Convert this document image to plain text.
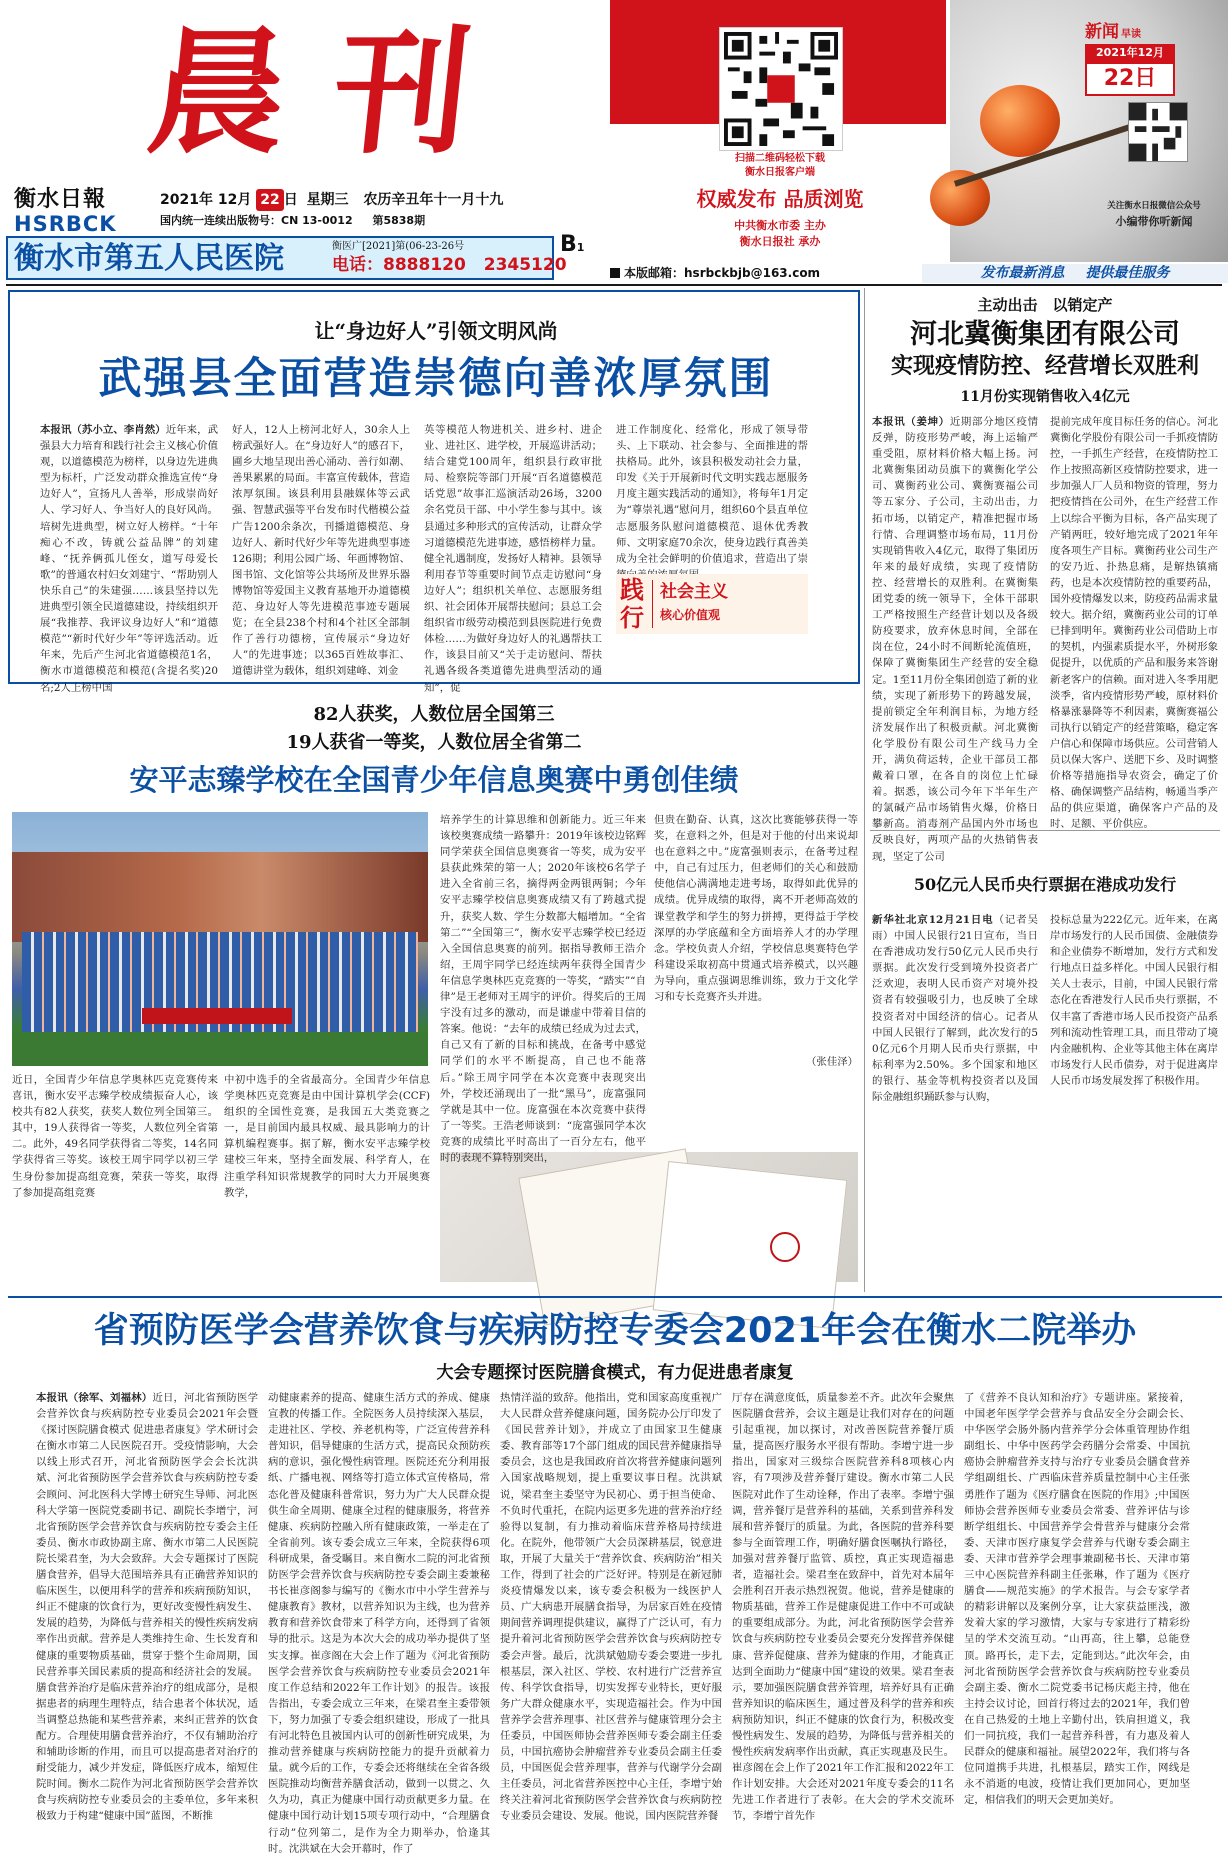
晨刊
衡水日報
HSRBCK
2021年 12月 22 日 星期三 农历辛丑年十一月十九
国内统一连续出版物号：CN 13-0012 第5838期
B1
衡水市第五人民医院	衡医广[2021]第(06-23-26号
电话：8888120 2345120
扫描二维码轻松下载
衡水日报客户端
权威发布 品质浏览
中共衡水市委 主办
衡水日报社 承办
新闻 早读
2021年12月
22日
关注衡水日报微信公众号
小编带你听新闻
本版邮箱：hsrbckbjb@163.com	发布最新消息 提供最佳服务
让“身边好人”引领文明风尚
武强县全面营造崇德向善浓厚氛围
本报讯（苏小立、李肖然）近年来，武强县大力培育和践行社会主义核心价值观，以道德模范为榜样，以身边先进典型为标杆，广泛发动群众推选宣传“身边好人”，宣扬凡人善举，形成崇尚好人、学习好人、争当好人的良好风尚。培树先进典型，树立好人榜样。“十年痴心不改，铸就公益品牌”的刘建峰、“抚养俩孤儿侄女，道写母爱长歌”的普通农村妇女刘建宁、“帮助别人快乐自己”的朱建强……该县坚持以先进典型引领全民道德建设，持续组织开展“我推荐、我评议身边好人”和“道德模范”“新时代好少年”等评选活动。近年来，先后产生河北省道德模范1名，衡水市道德模范和模范(含提名奖)20名;2人上榜中国
好人，12人上榜河北好人，30余人上榜武强好人。在“身边好人”的感召下，圃乡大地呈现出善心涌动、善行如潮、善果累累的局面。丰富宣传载体，营造浓厚氛围。该县利用县融媒体等云武强、智慧武强等平台发布时代楷模公益广告1200余条次，刊播道德模范、身边好人、新时代好少年等先进典型事迹126期；利用公园广场、年画博物馆、图书馆、文化馆等公共场所及世界乐器博物馆等爱国主义教育基地开办道德模范、身边好人等先进模范事迹专题展览；在全县238个村和4个社区全部制作了善行功德榜，宣传展示“身边好人”的先进事迹；以365百姓故事汇、道德讲堂为载体，组织刘建峰、刘金
英等模范人物进机关、进乡村、进企业、进社区、进学校，开展巡讲活动；结合建党100周年，组织县行政审批局、检察院等部门开展“百名道德模范话党恩”故事汇巡演活动26场，3200余名党员干部、中小学生参与其中。该县通过多种形式的宣传活动，让群众学习道德模范先进事迹，感悟榜样力量。健全礼遇制度，发扬好人精神。县领导利用春节等重要时间节点走访慰问“身边好人”；组织机关单位、志愿服务组织、社会团体开展帮扶慰问；县总工会组织省市级劳动模范到县医院进行免费体检……为做好身边好人的礼遇帮扶工作，该县目前又“关于走访慰问、帮扶礼遇各级各类道德先进典型活动的通知”，促
进工作制度化、经常化，形成了领导带头、上下联动、社会参与、全面推进的帮扶格局。此外，该县积极发动社会力量，印发《关于开展新时代文明实践志愿服务月度主题实践活动的通知》，将每年1月定为“尊崇礼遇”慰问月，组织60个县直单位志愿服务队慰问道德模范、退休优秀教师、文明家庭70余次，使身边践行真善美成为全社会鲜明的价值追求，营造出了崇
践
行
社会主义
核心价值观
主动出击　以销定产
河北冀衡集团有限公司
实现疫情防控、经营增长双胜利
11月份实现销售收入4亿元
本报讯（姜坤）近期部分地区疫情反弹，防疫形势严峻，海上运输严重受阻，原材料价格大幅上扬。河北冀衡集团动员旗下的冀衡化学公司、冀衡药业公司、冀衡赛福公司等五家分、子公司，主动出击，力拓市场，以销定产，精准把握市场行情、合理调整市场布局，11月份实现销售收入4亿元，取得了集团历年来的最好成绩，实现了疫情防控、经营增长的双胜利。在冀衡集团党委的统一领导下，全体干部职工严格按照生产经营计划以及各级防疫要求，放弃休息时间，全部在岗在位，24小时不间断轮流值班，保障了冀衡集团生产经营的安全稳定。1至11月份全集团创造了新的业绩，实现了新形势下的跨越发展，提前锁定全年利润目标，为地方经济发展作出了积极贡献。河北冀衡化学股份有限公司生产线马力全开，满负荷运转，企业干部员工都戴着口罩，在各自的岗位上忙碌着。据悉，该公司今年下半年生产的氯碱产品市场销售火爆，价格日攀新高。消毒剂产品国内外市场也反映良好，两项产品的火热销售表现，坚定了公司
提前完成年度目标任务的信心。河北冀衡化学股份有限公司一手抓疫情防控，一手抓生产经营，在疫情防控工作上按照高新区疫情防控要求，进一步加强人厂人员和物资的管理，努力把疫情挡在公司外，在生产经营工作上以综合平衡为目标，各产品实现了产销两旺，较好地完成了2021年年度各项生产目标。冀衡药业公司生产的安乃近、扑热息痛，是解热镇痛药，也是本次疫情防控的重要药品，国外疫情爆发以来，防疫药品需求量较大。据介绍，冀衡药业公司的订单已排到明年。冀衡药业公司借助上市的契机，内强素质提水平，外树形象促提升，以优质的产品和服务来答谢新老客户的信赖。面对进入冬季用肥淡季，省内疫情形势严峻，原材料价格暴涨暴降等不利因素，冀衡赛福公司执行以销定产的经营策略，稳定客户信心和保障市场供应。公司营销人员以保大客户、送肥下乡、及时调整价格等措施指导农资会，确定了价格、确保调整产品结构，畅通当季产品的供应渠道，确保客户产品的及时、足额、平价供应。
82人获奖，人数位居全国第三
19人获省一等奖，人数位居全省第二
安平志臻学校在全国青少年信息奥赛中勇创佳绩
培养学生的计算思维和创新能力。近三年来该校奥赛成绩一路攀升：2019年该校边铭辉同学荣获全国信息奥赛省一等奖，成为安平县获此殊荣的第一人；2020年该校6名学子进入全省前三名，摘得两金两银两铜；今年安平志臻学校信息奥赛成绩又有了跨越式提升，获奖人数、学生分数都大幅增加。“全省第二”“全国第三”，衡水安平志臻学校已经迈入全国信息奥赛的前列。据指导教师王浩介绍，王周宇同学已经连续两年获得全国青少年信息学奥林匹克竞赛的一等奖，“踏实”“自律”是王老师对王周宇的评价。得奖后的王周宇没有过多的激动，而是谦虚中带着目信的答案。他说：“去年的成绩已经成为过去式，自己又有了新的目标和挑战，在备考中感觉同学们的水平不断提高，自己也不能落后。”除王周宇同学在本次竞赛中表现突出外，学校还涌现出了一批“黑马”，庞富强同学就是其中一位。庞富强在本次竞赛中获得了一等奖。王浩老师谈到：“庞富强同学本次竞赛的成绩比平时高出了一百分左右，他平时的表现不算特别突出，
但贵在勤奋、认真，这次比赛能够获得一等奖，在意料之外，但是对于他的付出来说却也在意料之中。”庞富强则表示，在备考过程中，自己有过压力，但老师们的关心和鼓励使他信心满满地走进考场，取得如此优异的成绩。优异成绩的取得，离不开老师高效的课堂教学和学生的努力拼搏，更得益于学校深厚的办学底蕴和全方面培养人才的办学理念。学校负责人介绍，学校信息奥赛特色学科建设采取初高中贯通式培养模式，以兴趣为导向，重点强调思维训练，致力于文化学习和专长竞赛齐头并进。
（张佳泽）
近日，全国青少年信息学奥林匹克竞赛传来喜讯，衡水安平志臻学校成绩振奋人心，该校共有82人获奖，获奖人数位列全国第三。其中，19人获得省一等奖，人数位列全省第二。此外，49名同学获得省二等奖，14名同学获得省三等奖。该校王周宇同学以初三学生身份参加提高组竞赛，荣获一等奖，取得了参加提高组竞赛
中初中选手的全省最高分。全国青少年信息学奥林匹克竞赛是由中国计算机学会(CCF)组织的全国性竞赛，是我国五大类竞赛之一，是目前国内最具权威、最具影响力的计算机编程赛事。据了解，衡水安平志臻学校建校三年来，坚持全面发展、科学育人，在注重学科知识常规教学的同时大力开展奥赛教学，
50亿元人民币央行票据在港成功发行
新华社北京12月21日电（记者吴雨）中国人民银行21日宣布，当日在香港成功发行50亿元人民币央行票据。此次发行受到境外投资者广泛欢迎，表明人民币资产对境外投资者有较强吸引力，也反映了全球投资者对中国经济的信心。记者从中国人民银行了解到，此次发行的50亿元6个月期人民币央行票据，中标利率为2.50%。多个国家和地区的银行、基金等机构投资者以及国际金融组织踊跃参与认购，
投标总量为222亿元。近年来，在离岸市场发行的人民币国债、金融债券和企业债券不断增加，发行方式和发行地点日益多样化。中国人民银行相关人士表示，目前，中国人民银行常态化在香港发行人民币央行票据，不仅丰富了香港市场人民币投资产品系列和流动性管理工具，而且带动了境内金融机构、企业等其他主体在离岸市场发行人民币债券，对于促进离岸人民币市场发展发挥了积极作用。
省预防医学会营养饮食与疾病防控专委会2021年会在衡水二院举办
大会专题探讨医院膳食模式，有力促进患者康复
本报讯（徐军、刘福林）近日，河北省预防医学会营养饮食与疾病防控专业委员会2021年会暨《探讨医院膳食模式 促进患者康复》学术研讨会在衡水市第二人民医院召开。受疫情影响，大会以线上形式召开，河北省预防医学会会长沈洪斌、河北省预防医学会营养饮食与疾病防控专委会顾问、河北医科大学博士研究生导师、河北医科大学第一医院党委副书记、副院长李增宁，河北省预防医学会营养饮食与疾病防控专委会主任委员、衡水市政协副主席、衡水市第二人民医院院长梁君奎，为大会致辞。大会专题探讨了医院膳食营养，倡导大范围培养具有正确营养知识的临床医生，以便用科学的营养和疾病预防知识，纠正不健康的饮食行为，更好改变慢性病发生、发展的趋势，为降低与营养相关的慢性疾病发病率作出贡献。营养是人类维持生命、生长发育和健康的重要物质基础，贯穿于整个生命周期，国民营养事关国民素质的提高和经济社会的发展。膳食营养治疗是临床营养治疗的组成部分，是根据患者的病理生理特点，结合患者个体状况，适当调整总热能和某些营养素，来纠正营养的饮食配方。合理使用膳食营养治疗，不仅有辅助治疗和辅助诊断的作用，而且可以提高患者对治疗的耐受能力，减少并发症，降低医疗成本，缩短住院时间。衡水二院作为河北省预防医学会营养饮食与疾病防控专业委员会的主委单位，多年来积极致力于构建“健康中国”蓝图，不断推
动健康素养的提高、健康生活方式的养成、健康宣教的传播工作。全院医务人员持续深入基层，走进社区、学校、养老机构等，广泛宣传营养科普知识，倡导健康的生活方式，提高民众预防疾病的意识，强化慢性病管理。医院还充分利用报纸、广播电视、网络等打造立体式宣传格局，常态化普及健康科普常识，努力为广大人民群众提供生命全周期、健康全过程的健康服务，将营养健康、疾病防控融入所有健康政策，一举走在了全省前列。该专委会成立三年来，全院获得6项科研成果，备受瞩目。来自衡水二院的河北省预防医学会营养饮食与疾病防控专委会副主委兼秘书长崔彦阁参与编写的《衡水市中小学生营养与健康教育》教材，以营养知识为主线，也为营养教育和营养饮食带来了科学方向，还得到了省领导的批示。这是为本次大会的成功举办提供了坚实支撑。崔彦阁在大会上作了题为《河北省预防医学会营养饮食与疾病防控专业委员会2021年度工作总结和2022年工作计划》的报告。该报告指出，专委会成立三年来，在梁君奎主委带领下，努力加强了专委会组织建设，形成了一批具有河北特色且被国内认可的创新性研究成果，为推动营养健康与疾病防控能力的提升贡献着力量。就今后的工作，专委会还将继续在全省各级医院推动均衡营养膳食活动，做到一以贯之、久久为功，真正为健康中国行动贡献更多力量。在健康中国行动计划15项专项行动中，“合理膳食行动”位列第二，是作为全力期举办，恰逢其时。沈洪斌在大会开幕时，作了
热情洋溢的致辞。他指出，党和国家高度重视广大人民群众营养健康问题，国务院办公厅印发了《国民营养计划》，并成立了由国家卫生健康委、教育部等17个部门组成的国民营养健康指导委员会，这也是我国政府首次将营养健康问题列入国家战略规划，提上重要议事日程。沈洪斌说，梁君奎主委坚守为民初心、勇于担当使命、不负时代重托，在院内运更多先进的营养治疗经验得以复制，有力推动着临床营养格局持续进化。在院外，他带领广大会员深耕基层，锐意进取，开展了大量关于“营养饮食、疾病防治”相关工作，得到了社会的广泛好评。特别是在新冠肺炎疫情爆发以来，该专委会积极为一线医护人员、广大病患开展膳食指导，为居家百姓在疫情期间营养调理提供建议，赢得了广泛认可，有力提升着河北省预防医学会营养饮食与疾病防控专委会声誉。最后，沈洪斌勉励专委会要进一步扎根基层，深入社区、学校、农村进行广泛营养宣传、科学饮食指导，切实发挥专业特长，更好服务广大群众健康水平，实现造福社会。作为中国营养学会营养理事、社区营养与健康管理分会主任委员，中国医师协会营养医师专委会副主任委员，中国抗癌协会肿瘤营养专业委员会副主任委员，中国医促会营养理事，营养与代谢学分会副主任委员，河北省营养医控中心主任，李增宁始终关注着河北省预防医学会营养饮食与疾病防控专业委员会建设、发展。他说，国内医院营养餐
厅存在满意度低，质量参差不齐。此次年会聚焦医院膳食营养，会议主题是让我们对存在的问题引起重视，加以探讨，对改善医院营养餐厅质量，提高医疗服务水平很有帮助。李增宁进一步指出，国家对三级综合医院营养科8项核心内容，有7项涉及营养餐厅建设。衡水市第二人民医院对此作了生动诠释，作出了表率。李增宁强调，营养餐厅是营养科的基础，关系到营养科发展和营养餐厅的质量。为此，各医院的营养科要参与全面管理工作，明确好膳食医嘱执行路径，加强对营养餐厅监管、质控，真正实现造福患者，造福社会。梁君奎在致辞中，首先对本届年会胜利召开表示热烈祝贺。他说，营养是健康的物质基础，营养工作是健康促进工作中不可或缺的重要组成部分。为此，河北省预防医学会营养饮食与疾病防控专业委员会要充分发挥营养保健康、营养促健康、营养为健康的作用，才能真正达到全面助力“健康中国”建设的效果。梁君奎表示，要加强医院膳食营养管理，培养好具有正确营养知识的临床医生，通过普及科学的营养和疾病预防知识，纠正不健康的饮食行为，积极改变慢性病发生、发展的趋势，为降低与营养相关的慢性疾病发病率作出贡献，真正实现惠及民生。崔彦阁在会上作了2021年工作汇报和2022年工作计划安排。大会还对2021年度专委会的11名先进工作者进行了表彰。在大会的学术交流环节，李增宁首先作
了《营养不良认知和治疗》专题讲座。紧接着，中国老年医学学会营养与食品安全分会副会长、中华医学会肠外肠内营养学分会体重管理协作组副组长、中华中医药学会药膳分会常委、中国抗癌协会肿瘤营养支持与治疗专业委员会膳食营养学组副组长、广西临床营养质量控制中心主任张勇胜作了题为《医疗膳食在医院的作用》;中国医师协会营养医师专业委员会常委、营养评估与诊断学组组长、中国营养学会骨营养与健康分会常委、天津市医疗康复学会营养与代谢专委会副主委、天津市营养学会理事兼副秘书长、天津市第三中心医院营养科副主任张琳，作了题为《医疗膳食——规范实施》的学术报告。与会专家学者的精彩讲解以及案例分享，让大家获益匪浅，激发着大家的学习激情，大家与专家进行了精彩纷呈的学术交流互动。“山再高，往上攀，总能登顶。路再长，走下去，定能到达。”此次年会，由河北省预防医学会营养饮食与疾病防控专业委员会副主委、衡水二院党委书记杨庆彪主持，他在主持会议讨论，回首行将过去的2021年，我们曾在自己热爱的土地上辛勤付出，铁肩担道义，我们一同抗疫，我们一起营养科普，有力惠及着人民群众的健康和福祉。展望2022年，我们将与各位同道携手共进，扎根基层，踏实工作，网线是永不消逝的电波，疫情让我们更加同心，更加坚定，相信我们的明天会更加美好。
